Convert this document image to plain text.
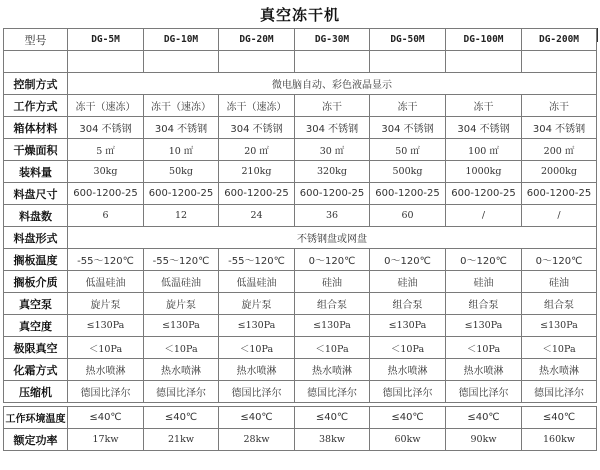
真空冻干机
型号	DG-5M	DG-10M	DG-20M	DG-30M	DG-50M	DG-100M	DG-200M

控制方式	微电脑自动、彩色液晶显示						
工作方式	冻干（速冻）	冻干（速冻）	冻干（速冻）	冻干	冻干	冻干	冻干
箱体材料	304 不锈钢	304 不锈钢	304 不锈钢	304 不锈钢	304 不锈钢	304 不锈钢	304 不锈钢
干燥面积	5 ㎡	10 ㎡	20 ㎡	30 ㎡	50 ㎡	100 ㎡	200 ㎡
装料量	30kg	50kg	210kg	320kg	500kg	1000kg	2000kg
料盘尺寸	600-1200-25	600-1200-25	600-1200-25	600-1200-25	600-1200-25	600-1200-25	600-1200-25
料盘数	6	12	24	36	60	/	/
料盘形式	不锈钢盘或网盘						
搁板温度	-55～120℃	-55～120℃	-55～120℃	0～120℃	0～120℃	0～120℃	0～120℃
搁板介质	低温硅油	低温硅油	低温硅油	硅油	硅油	硅油	硅油
真空泵	旋片泵	旋片泵	旋片泵	组合泵	组合泵	组合泵	组合泵
真空度	≤130Pa	≤130Pa	≤130Pa	≤130Pa	≤130Pa	≤130Pa	≤130Pa
极限真空	＜10Pa	＜10Pa	＜10Pa	＜10Pa	＜10Pa	＜10Pa	＜10Pa
化霜方式	热水喷淋	热水喷淋	热水喷淋	热水喷淋	热水喷淋	热水喷淋	热水喷淋
压缩机	德国比泽尔	德国比泽尔	德国比泽尔	德国比泽尔	德国比泽尔	德国比泽尔	德国比泽尔

工作环境温度	≤40℃	≤40℃	≤40℃	≤40℃	≤40℃	≤40℃	≤40℃
额定功率	17kw	21kw	28kw	38kw	60kw	90kw	160kw
